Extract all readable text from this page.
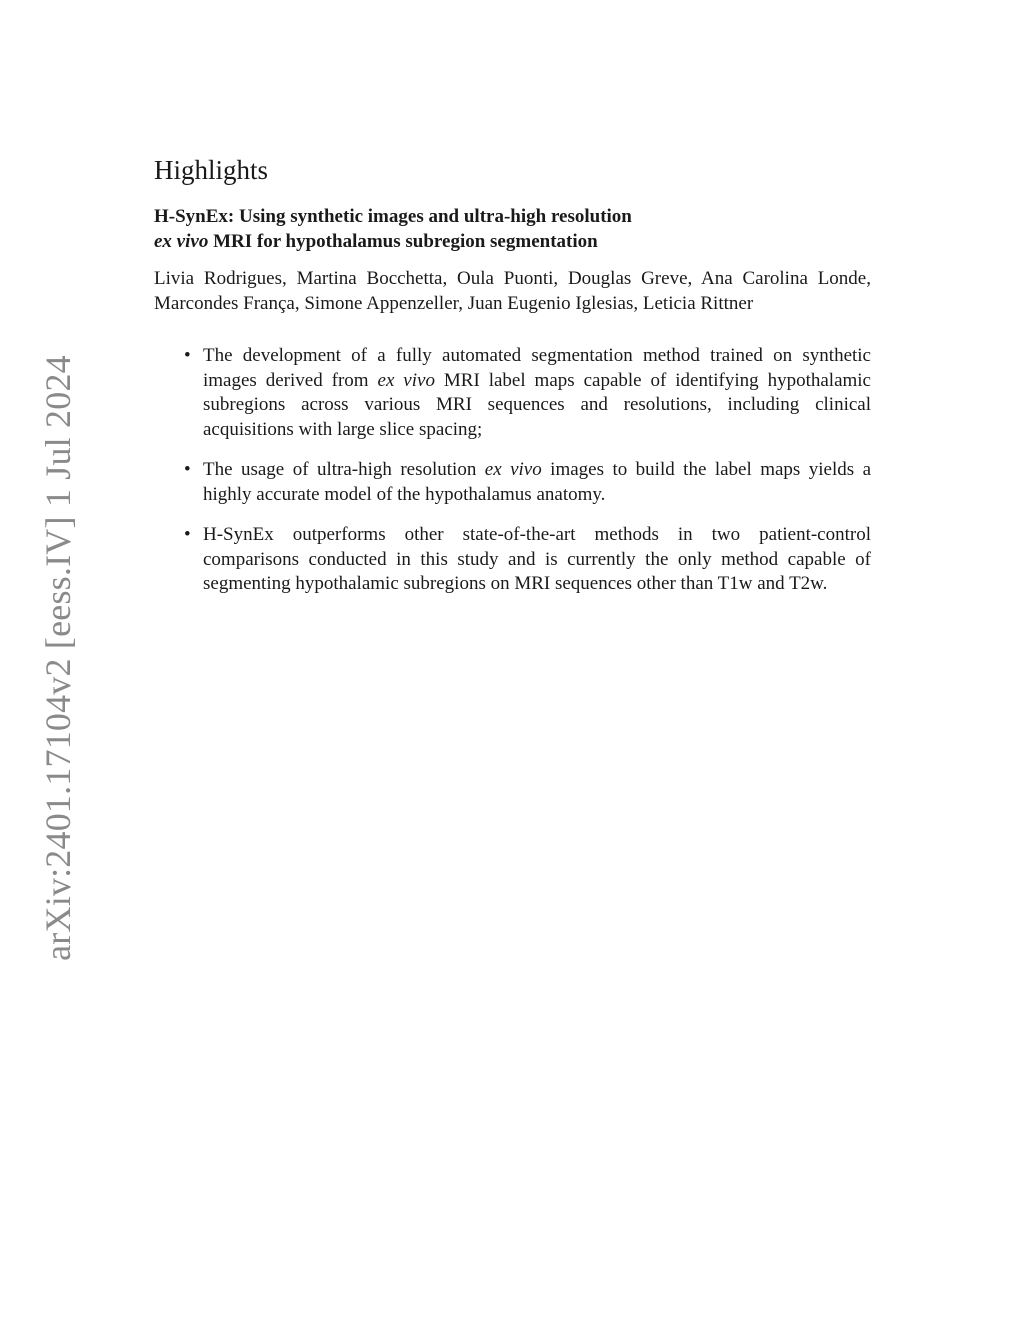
arXiv:2401.17104v2 [eess.IV] 1 Jul 2024
Highlights
H-SynEx: Using synthetic images and ultra-high resolution
ex vivo MRI for hypothalamus subregion segmentation
Livia Rodrigues, Martina Bocchetta, Oula Puonti, Douglas Greve, Ana Carolina Londe, Marcondes França, Simone Appenzeller, Juan Eugenio Iglesias, Leticia Rittner
• The development of a fully automated segmentation method trained on synthetic images derived from ex vivo MRI label maps capable of identifying hypothalamic subregions across various MRI sequences and resolutions, including clinical acquisitions with large slice spacing;
• The usage of ultra-high resolution ex vivo images to build the label maps yields a highly accurate model of the hypothalamus anatomy.
• H-SynEx outperforms other state-of-the-art methods in two patient-control comparisons conducted in this study and is currently the only method capable of segmenting hypothalamic subregions on MRI sequences other than T1w and T2w.
